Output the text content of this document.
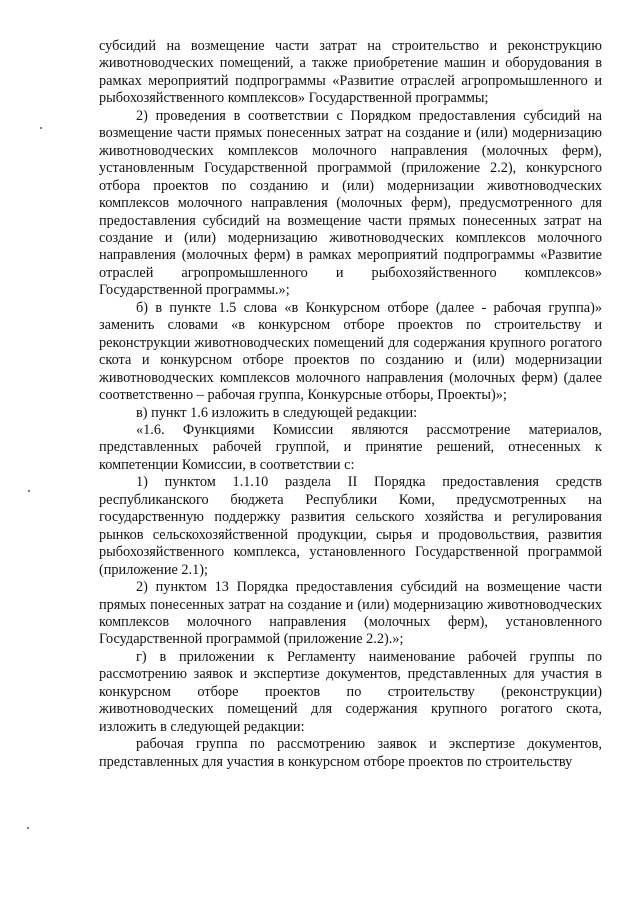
субсидий на возмещение части затрат на строительство и реконструкцию животноводческих помещений, а также приобретение машин и оборудования в рамках мероприятий подпрограммы «Развитие отраслей агропромышленного и рыбохозяйственного комплексов» Государственной программы;

2) проведения в соответствии с Порядком предоставления субсидий на возмещение части прямых понесенных затрат на создание и (или) модернизацию животноводческих комплексов молочного направления (молочных ферм), установленным Государственной программой (приложение 2.2), конкурсного отбора проектов по созданию и (или) модернизации животноводческих комплексов молочного направления (молочных ферм), предусмотренного для предоставления субсидий на возмещение части прямых понесенных затрат на создание и (или) модернизацию животноводческих комплексов молочного направления (молочных ферм) в рамках мероприятий подпрограммы «Развитие отраслей агропромышленного и рыбохозяйственного комплексов» Государственной программы.»;

б) в пункте 1.5 слова «в Конкурсном отборе (далее - рабочая группа)» заменить словами «в конкурсном отборе проектов по строительству и реконструкции животноводческих помещений для содержания крупного рогатого скота и конкурсном отборе проектов по созданию и (или) модернизации животноводческих комплексов молочного направления (молочных ферм) (далее соответственно – рабочая группа, Конкурсные отборы, Проекты)»;

в) пункт 1.6 изложить в следующей редакции:

«1.6. Функциями Комиссии являются рассмотрение материалов, представленных рабочей группой, и принятие решений, отнесенных к компетенции Комиссии, в соответствии с:

1) пунктом 1.1.10 раздела II Порядка предоставления средств республиканского бюджета Республики Коми, предусмотренных на государственную поддержку развития сельского хозяйства и регулирования рынков сельскохозяйственной продукции, сырья и продовольствия, развития рыбохозяйственного комплекса, установленного Государственной программой (приложение 2.1);

2) пунктом 13 Порядка предоставления субсидий на возмещение части прямых понесенных затрат на создание и (или) модернизацию животноводческих комплексов молочного направления (молочных ферм), установленного Государственной программой (приложение 2.2).»;

г) в приложении к Регламенту наименование рабочей группы по рассмотрению заявок и экспертизе документов, представленных для участия в конкурсном отборе проектов по строительству (реконструкции) животноводческих помещений для содержания крупного рогатого скота, изложить в следующей редакции:

рабочая группа по рассмотрению заявок и экспертизе документов, представленных для участия в конкурсном отборе проектов по строительству
